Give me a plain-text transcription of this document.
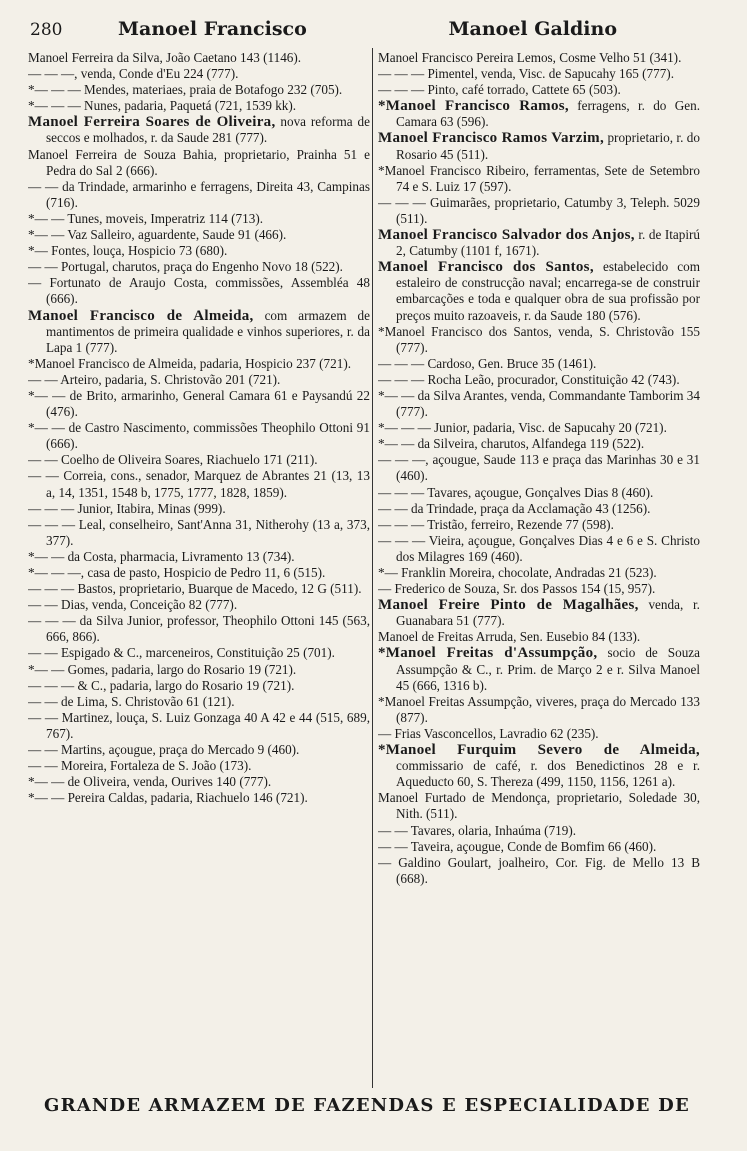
280	Manoel Francisco	Manoel Galdino
Manoel Ferreira da Silva, João Caetano 143 (1146).
— — —, venda, Conde d'Eu 224 (777).
*— — — Mendes, materiaes, praia de Botafogo 232 (705).
*— — — Nunes, padaria, Paquetá (721, 1539 kk).
Manoel Ferreira Soares de Oliveira, nova reforma de seccos e molhados, r. da Saude 281 (777).
Manoel Ferreira de Souza Bahia, proprietario, Prainha 51 e Pedra do Sal 2 (666).
— — da Trindade, armarinho e ferragens, Direita 43, Campinas (716).
*— — Tunes, moveis, Imperatriz 114 (713).
*— — Vaz Salleiro, aguardente, Saude 91 (466).
*— Fontes, louça, Hospicio 73 (680).
— — Portugal, charutos, praça do Engenho Novo 18 (522).
— Fortunato de Araujo Costa, commissões, Assembléa 48 (666).
Manoel Francisco de Almeida, com armazem de mantimentos de primeira qualidade e vinhos superiores, r. da Lapa 1 (777).
*Manoel Francisco de Almeida, padaria, Hospicio 237 (721).
— — Arteiro, padaria, S. Christovão 201 (721).
*— — de Brito, armarinho, General Camara 61 e Paysandú 22 (476).
*— — de Castro Nascimento, commissões Theophilo Ottoni 91 (666).
— — Coelho de Oliveira Soares, Riachuelo 171 (211).
— — Correia, cons., senador, Marquez de Abrantes 21 (13, 13 a, 14, 1351, 1548 b, 1775, 1777, 1828, 1859).
— — — Junior, Itabira, Minas (999).
— — — Leal, conselheiro, Sant'Anna 31, Nitherohy (13 a, 373, 377).
*— — da Costa, pharmacia, Livramento 13 (734).
*— — —, casa de pasto, Hospicio de Pedro 11, 6 (515).
— — — Bastos, proprietario, Buarque de Macedo, 12 G (511).
— — Dias, venda, Conceição 82 (777).
— — — da Silva Junior, professor, Theophilo Ottoni 145 (563, 666, 866).
— — Espigado & C., marceneiros, Constituição 25 (701).
*— — Gomes, padaria, largo do Rosario 19 (721).
— — — & C., padaria, largo do Rosario 19 (721).
— — de Lima, S. Christovão 61 (121).
— — Martinez, louça, S. Luiz Gonzaga 40 A 42 e 44 (515, 689, 767).
— — Martins, açougue, praça do Mercado 9 (460).
— — Moreira, Fortaleza de S. João (173).
*— — de Oliveira, venda, Ourives 140 (777).
*— — Pereira Caldas, padaria, Riachuelo 146 (721).
Manoel Francisco Pereira Lemos, Cosme Velho 51 (341).
— — — Pimentel, venda, Visc. de Sapucahy 165 (777).
— — — Pinto, café torrado, Cattete 65 (503).
*Manoel Francisco Ramos, ferragens, r. do Gen. Camara 63 (596).
Manoel Francisco Ramos Varzim, proprietario, r. do Rosario 45 (511).
*Manoel Francisco Ribeiro, ferramentas, Sete de Setembro 74 e S. Luiz 17 (597).
— — — Guimarães, proprietario, Catumby 3, Teleph. 5029 (511).
Manoel Francisco Salvador dos Anjos, r. de Itapirú 2, Catumby (1101 f, 1671).
Manoel Francisco dos Santos, estabelecido com estaleiro de construcção naval; encarrega-se de construir embarcações e toda e qualquer obra de sua profissão por preços muito razoaveis, r. da Saude 180 (576).
*Manoel Francisco dos Santos, venda, S. Christovão 155 (777).
— — — Cardoso, Gen. Bruce 35 (1461).
— — — Rocha Leão, procurador, Constituição 42 (743).
*— — da Silva Arantes, venda, Commandante Tamborim 34 (777).
*— — — Junior, padaria, Visc. de Sapucahy 20 (721).
*— — da Silveira, charutos, Alfandega 119 (522).
— — —, açougue, Saude 113 e praça das Marinhas 30 e 31 (460).
— — — Tavares, açougue, Gonçalves Dias 8 (460).
— — da Trindade, praça da Acclamação 43 (1256).
— — — Tristão, ferreiro, Rezende 77 (598).
— — — Vieira, açougue, Gonçalves Dias 4 e 6 e S. Christo dos Milagres 169 (460).
*— Franklin Moreira, chocolate, Andradas 21 (523).
— Frederico de Souza, Sr. dos Passos 154 (15, 957).
Manoel Freire Pinto de Magalhães, venda, r. Guanabara 51 (777).
Manoel de Freitas Arruda, Sen. Eusebio 84 (133).
*Manoel Freitas d'Assumpção, socio de Souza Assumpção & C., r. Prim. de Março 2 e r. Silva Manoel 45 (666, 1316 b).
*Manoel Freitas Assumpção, viveres, praça do Mercado 133 (877).
— Frias Vasconcellos, Lavradio 62 (235).
*Manoel Furquim Severo de Almeida, commissario de café, r. dos Benedictinos 28 e r. Aqueducto 60, S. Thereza (499, 1150, 1156, 1261 a).
Manoel Furtado de Mendonça, proprietario, Soledade 30, Nith. (511).
— — Tavares, olaria, Inhaúma (719).
— — Taveira, açougue, Conde de Bomfim 66 (460).
— Galdino Goulart, joalheiro, Cor. Fig. de Mello 13 B (668).
GRANDE ARMAZEM DE FAZENDAS E ESPECIALIDADE DE
